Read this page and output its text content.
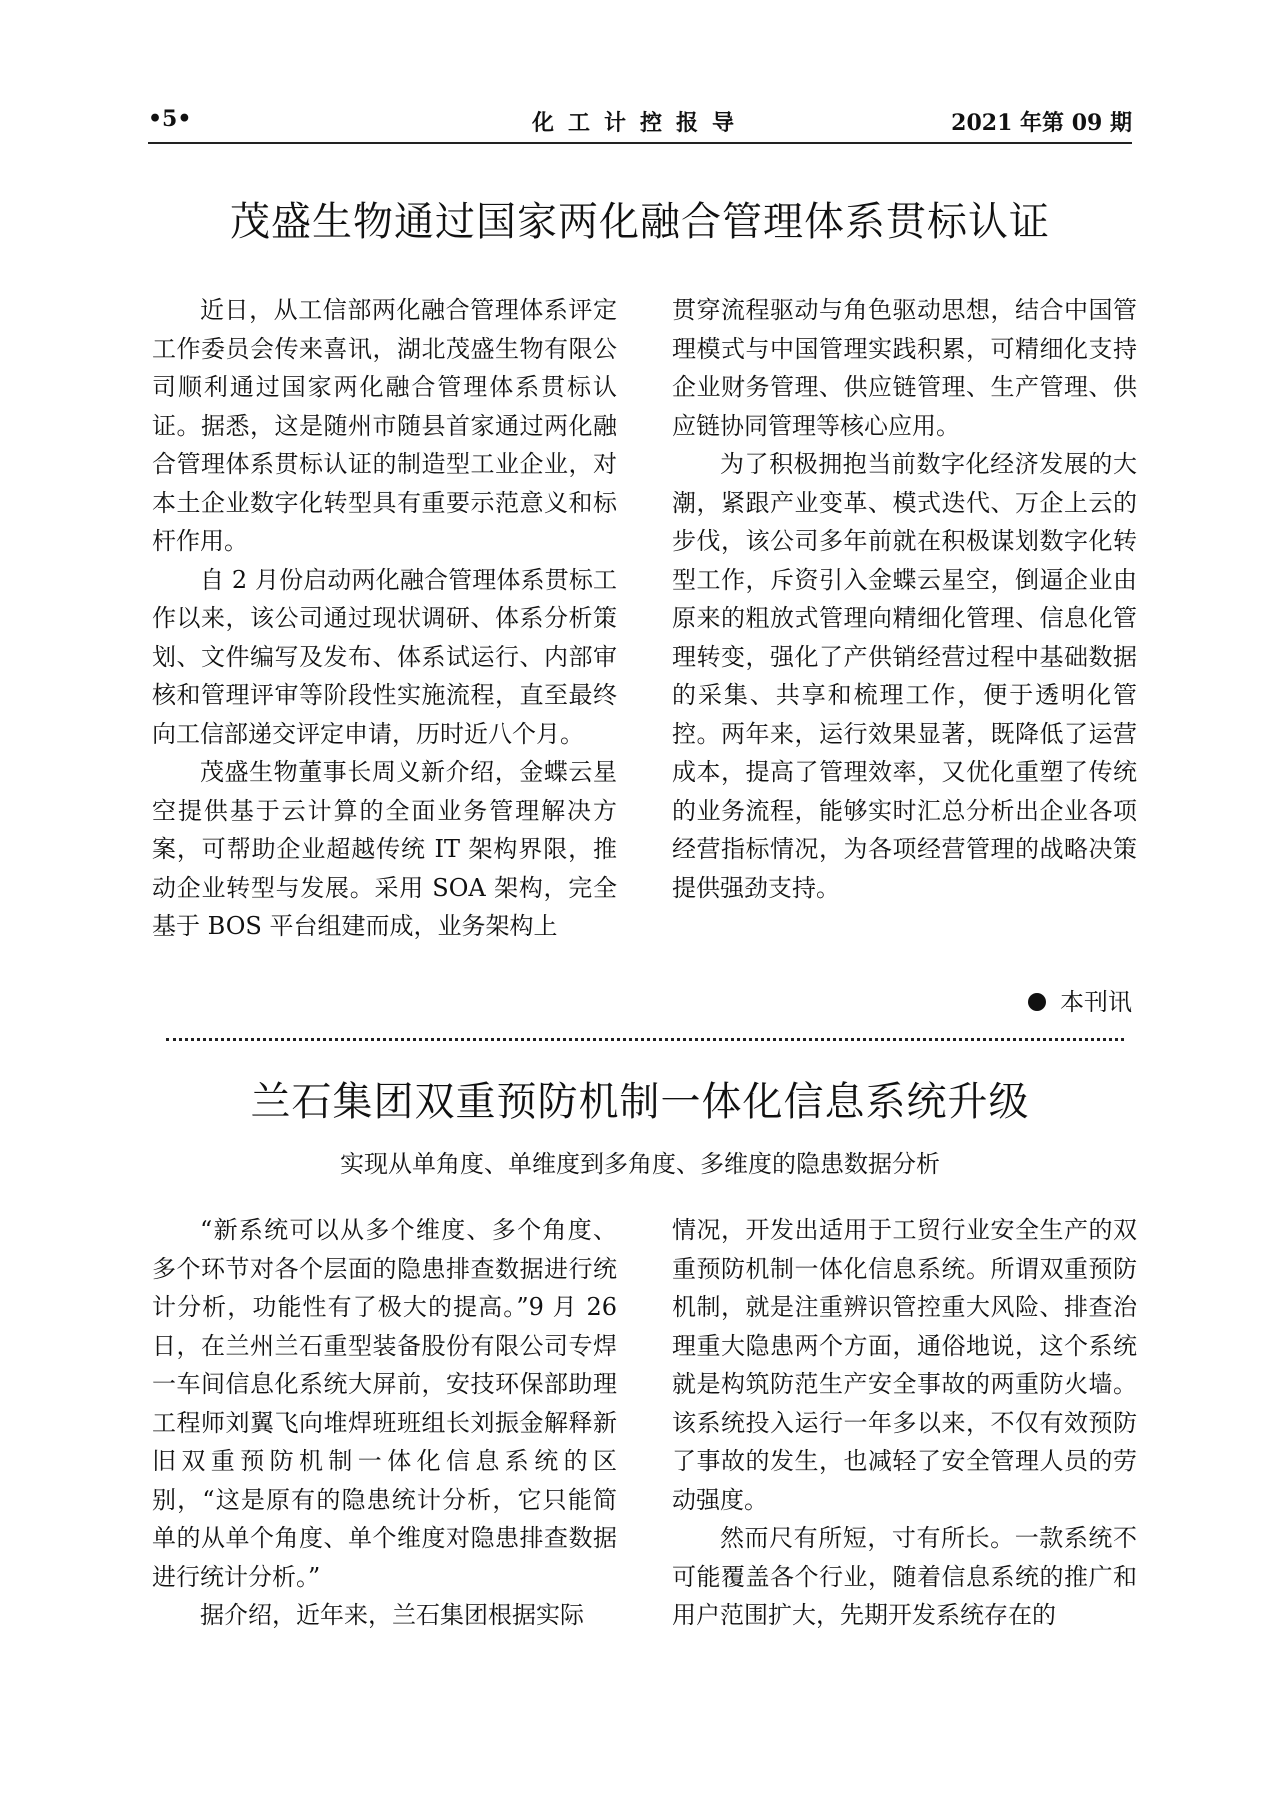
•5•	化工计控报导	2021 年第 09 期
茂盛生物通过国家两化融合管理体系贯标认证

近日，从工信部两化融合管理体系评定工作委员会传来喜讯，湖北茂盛生物有限公司顺利通过国家两化融合管理体系贯标认证。据悉，这是随州市随县首家通过两化融合管理体系贯标认证的制造型工业企业，对本土企业数字化转型具有重要示范意义和标杆作用。

自 2 月份启动两化融合管理体系贯标工作以来，该公司通过现状调研、体系分析策划、文件编写及发布、体系试运行、内部审核和管理评审等阶段性实施流程，直至最终向工信部递交评定申请，历时近八个月。

茂盛生物董事长周义新介绍，金蝶云星空提供基于云计算的全面业务管理解决方案，可帮助企业超越传统 IT 架构界限，推动企业转型与发展。采用 SOA 架构，完全基于 BOS 平台组建而成，业务架构上

贯穿流程驱动与角色驱动思想，结合中国管理模式与中国管理实践积累，可精细化支持企业财务管理、供应链管理、生产管理、供应链协同管理等核心应用。

为了积极拥抱当前数字化经济发展的大潮，紧跟产业变革、模式迭代、万企上云的步伐，该公司多年前就在积极谋划数字化转型工作，斥资引入金蝶云星空，倒逼企业由原来的粗放式管理向精细化管理、信息化管理转变，强化了产供销经营过程中基础数据的采集、共享和梳理工作，便于透明化管控。两年来，运行效果显著，既降低了运营成本，提高了管理效率，又优化重塑了传统的业务流程，能够实时汇总分析出企业各项经营指标情况，为各项经营管理的战略决策提供强劲支持。

本刊讯
兰石集团双重预防机制一体化信息系统升级
实现从单角度、单维度到多角度、多维度的隐患数据分析

“新系统可以从多个维度、多个角度、多个环节对各个层面的隐患排查数据进行统计分析，功能性有了极大的提高。”9 月 26 日，在兰州兰石重型装备股份有限公司专焊一车间信息化系统大屏前，安技环保部助理工程师刘翼飞向堆焊班班组长刘振金解释新旧双重预防机制一体化信息系统的区别，“这是原有的隐患统计分析，它只能简单的从单个角度、单个维度对隐患排查数据进行统计分析。”

据介绍，近年来，兰石集团根据实际

情况，开发出适用于工贸行业安全生产的双重预防机制一体化信息系统。所谓双重预防机制，就是注重辨识管控重大风险、排查治理重大隐患两个方面，通俗地说，这个系统就是构筑防范生产安全事故的两重防火墙。该系统投入运行一年多以来，不仅有效预防了事故的发生，也减轻了安全管理人员的劳动强度。

然而尺有所短，寸有所长。一款系统不可能覆盖各个行业，随着信息系统的推广和用户范围扩大，先期开发系统存在的
